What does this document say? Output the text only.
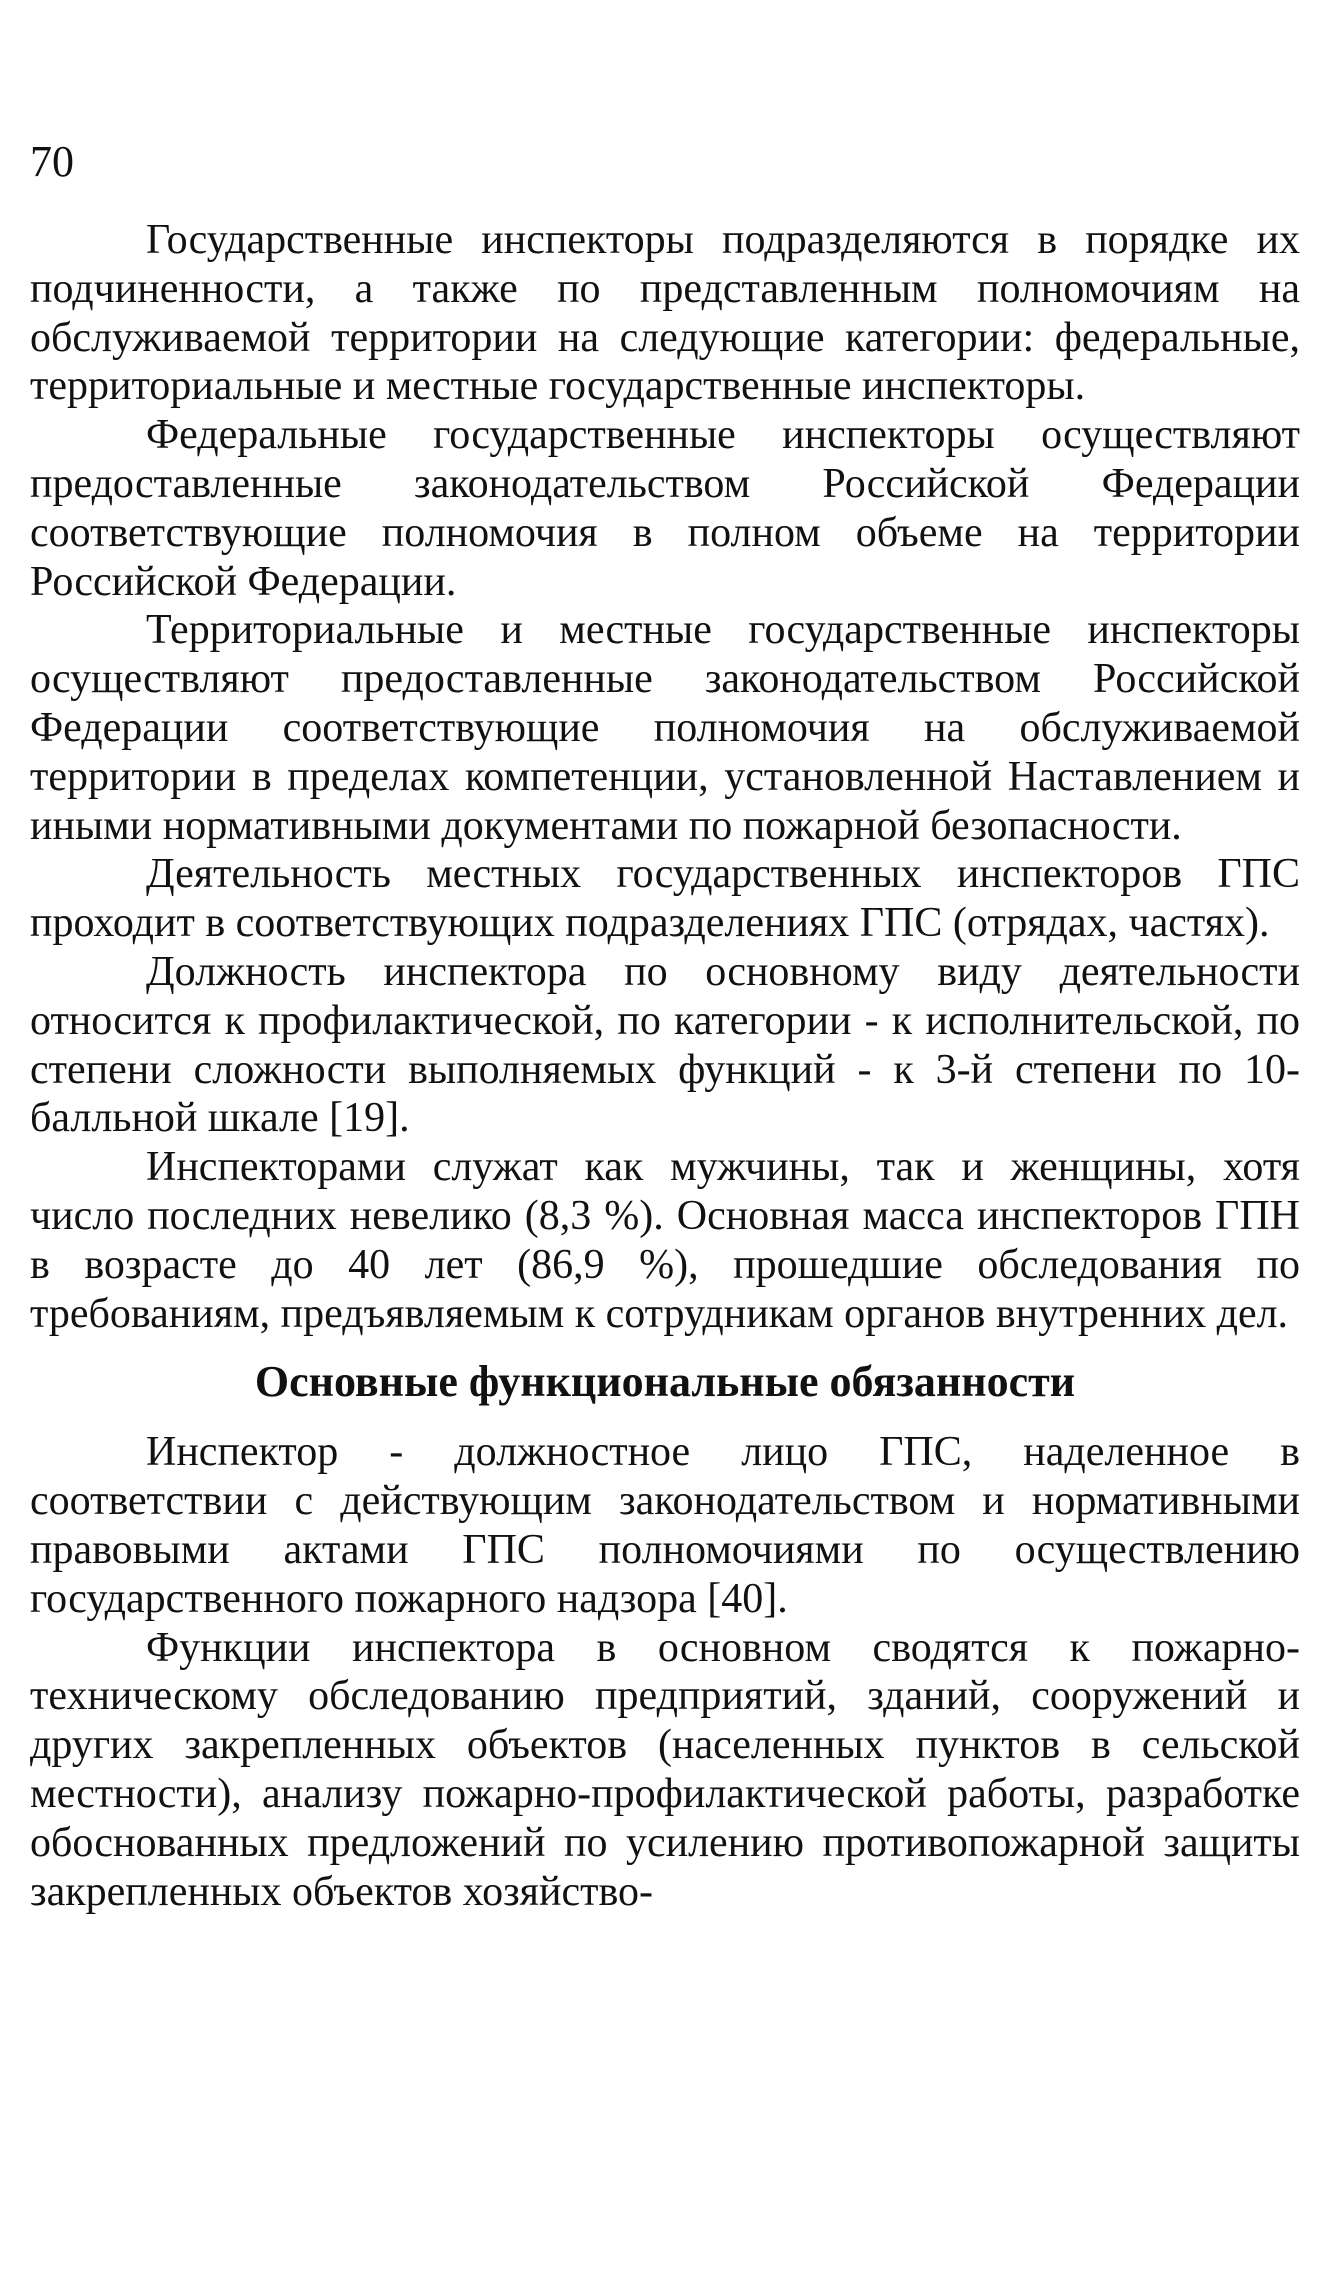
70

Государственные инспекторы подразделяются в порядке их подчиненности, а также по представленным полномочиям на обслуживаемой территории на следующие категории: федеральные, территориальные и местные государственные инспекторы.

Федеральные государственные инспекторы осуществляют предоставленные законодательством Российской Федерации соответствующие полномочия в полном объеме на территории Российской Федерации.

Территориальные и местные государственные инспекторы осуществляют предоставленные законодательством Российской Федерации соответствующие полномочия на обслуживаемой территории в пределах компетенции, установленной Наставлением и иными нормативными документами по пожарной безопасности.

Деятельность местных государственных инспекторов ГПС проходит в соответствующих подразделениях ГПС (отрядах, частях).

Должность инспектора по основному виду деятельности относится к профилактической, по категории - к исполнительской, по степени сложности выполняемых функций - к 3-й степени по 10-балльной шкале [19].

Инспекторами служат как мужчины, так и женщины, хотя число последних невелико (8,3 %). Основная масса инспекторов ГПН в возрасте до 40 лет (86,9 %), прошедшие обследования по требованиям, предъявляемым к сотрудникам органов внутренних дел.

Основные функциональные обязанности

Инспектор - должностное лицо ГПС, наделенное в соответствии с действующим законодательством и нормативными правовыми актами ГПС полномочиями по осуществлению государственного пожарного надзора [40].

Функции инспектора в основном сводятся к пожарно-техническому обследованию предприятий, зданий, сооружений и других закрепленных объектов (населенных пунктов в сельской местности), анализу пожарно-профилактической работы, разработке обоснованных предложений по усилению противопожарной защиты закрепленных объектов хозяйство-
